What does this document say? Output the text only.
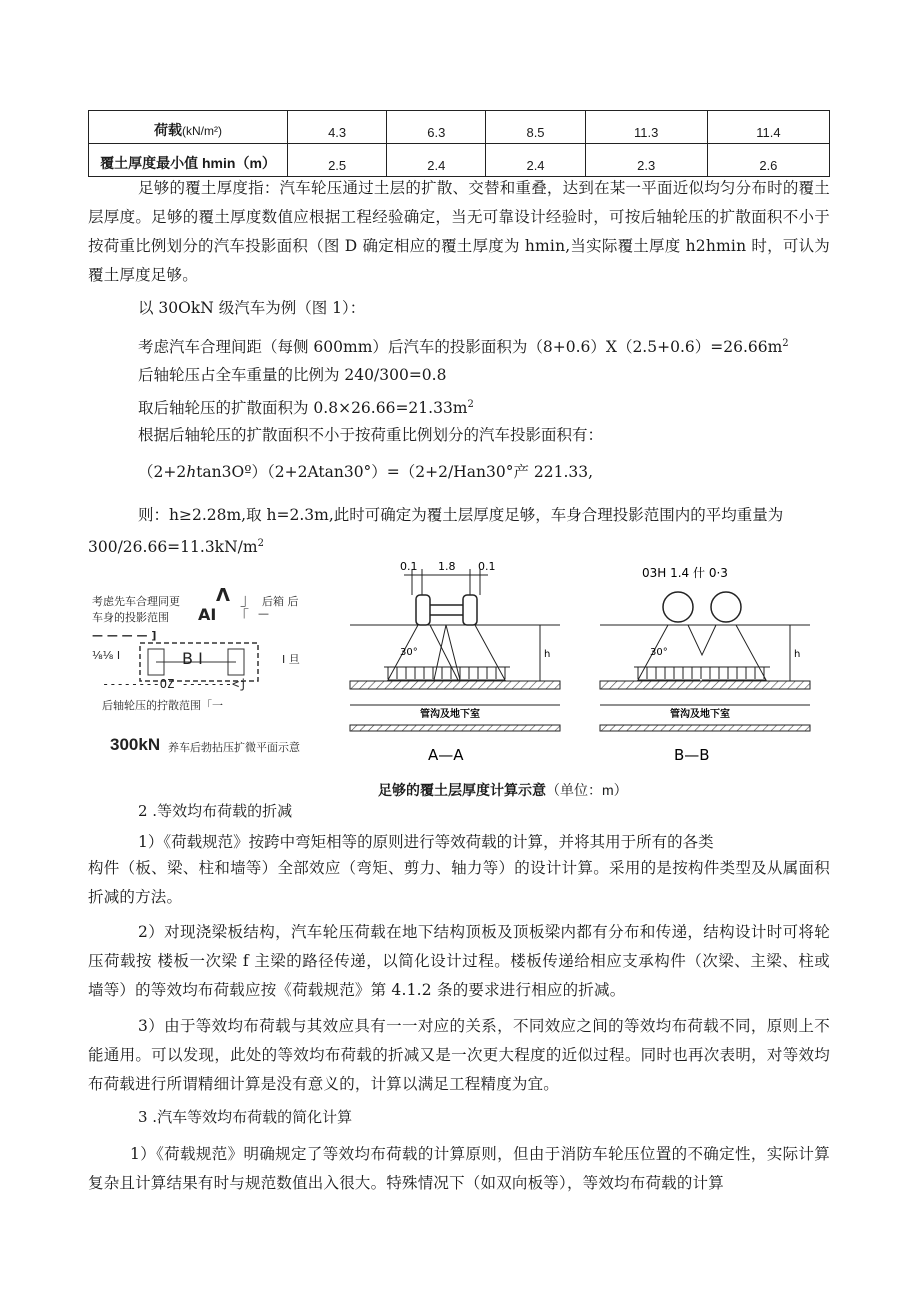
荷载(kN/m²)	4.3	6.3	8.5	11.3	11.4
覆土厚度最小值 hmin（m）	2.5	2.4	2.4	2.3	2.6
足够的覆土厚度指：汽车轮压通过土层的扩散、交替和重叠，达到在某一平面近似均匀分布时的覆土层厚度。足够的覆土厚度数值应根据工程经验确定，当无可靠设计经验时，可按后轴轮压的扩散面积不小于按荷重比例划分的汽车投影面积（图 D 确定相应的覆土厚度为 hmin,当实际覆土厚度 h2hmin 时，可认为覆土厚度足够。
以 30OkN 级汽车为例（图 1）：
考虑汽车合理间距（每侧 600mm）后汽车的投影面积为$(8+0.6)X(2.5+0.6)=26.66m^2$
后轴轮压占全车重量的比例为 240/300=0.8
取后轴轮压的扩散面积为 $0.8\times 26.66=21.33m^2$
根据后轴轮压的扩散面积不小于按荷重比例划分的汽车投影面积有：
（2+2ℎtan3Oº）（2+2Atan30°）=（2+2/Han30°产 221.33,
则：h≥2.28m,取 h=2.3m,此时可确定为覆土层厚度足够，车身合理投影范围内的平均重量为
$300/26.66=11.3kN/m^2$
考虑先车合理同更 Λ 」 后箱 后
车身的投影范围 AI 「 —
— — — — ]
⅛⅛ I	B I	I 旦
--------OZ -------<j
后轴轮压的拧散范围「一
300kN 养车后勃拈压扩微平面示意
0.1 1.8 0.1
30°	h
管沟及地下室
A—A
03H 1.4 什 0·3
30°	h
管沟及地下室
B—B
足够的覆土层厚度计算示意（单位：m）
2 .等效均布荷载的折减
1）《荷载规范》按跨中弯矩相等的原则进行等效荷载的计算，并将其用于所有的各类
构件（板、梁、柱和墙等）全部效应（弯矩、剪力、轴力等）的设计计算。采用的是按构件类型及从属面积折减的方法。
2）对现浇梁板结构，汽车轮压荷载在地下结构顶板及顶板梁内都有分布和传递，结构设计时可将轮压荷载按 楼板一次梁 f 主梁的路径传递，以简化设计过程。楼板传递给相应支承构件（次梁、主梁、柱或墙等）的等效均布荷载应按《荷载规范》第 4.1.2 条的要求进行相应的折减。
3）由于等效均布荷载与其效应具有一一对应的关系，不同效应之间的等效均布荷载不同，原则上不能通用。可以发现，此处的等效均布荷载的折减又是一次更大程度的近似过程。同时也再次表明，对等效均布荷载进行所谓精细计算是没有意义的，计算以满足工程精度为宜。
3 .汽车等效均布荷载的简化计算
1）《荷载规范》明确规定了等效均布荷载的计算原则，但由于消防车轮压位置的不确定性，实际计算复杂且计算结果有时与规范数值出入很大。特殊情况下（如双向板等），等效均布荷载的计算
